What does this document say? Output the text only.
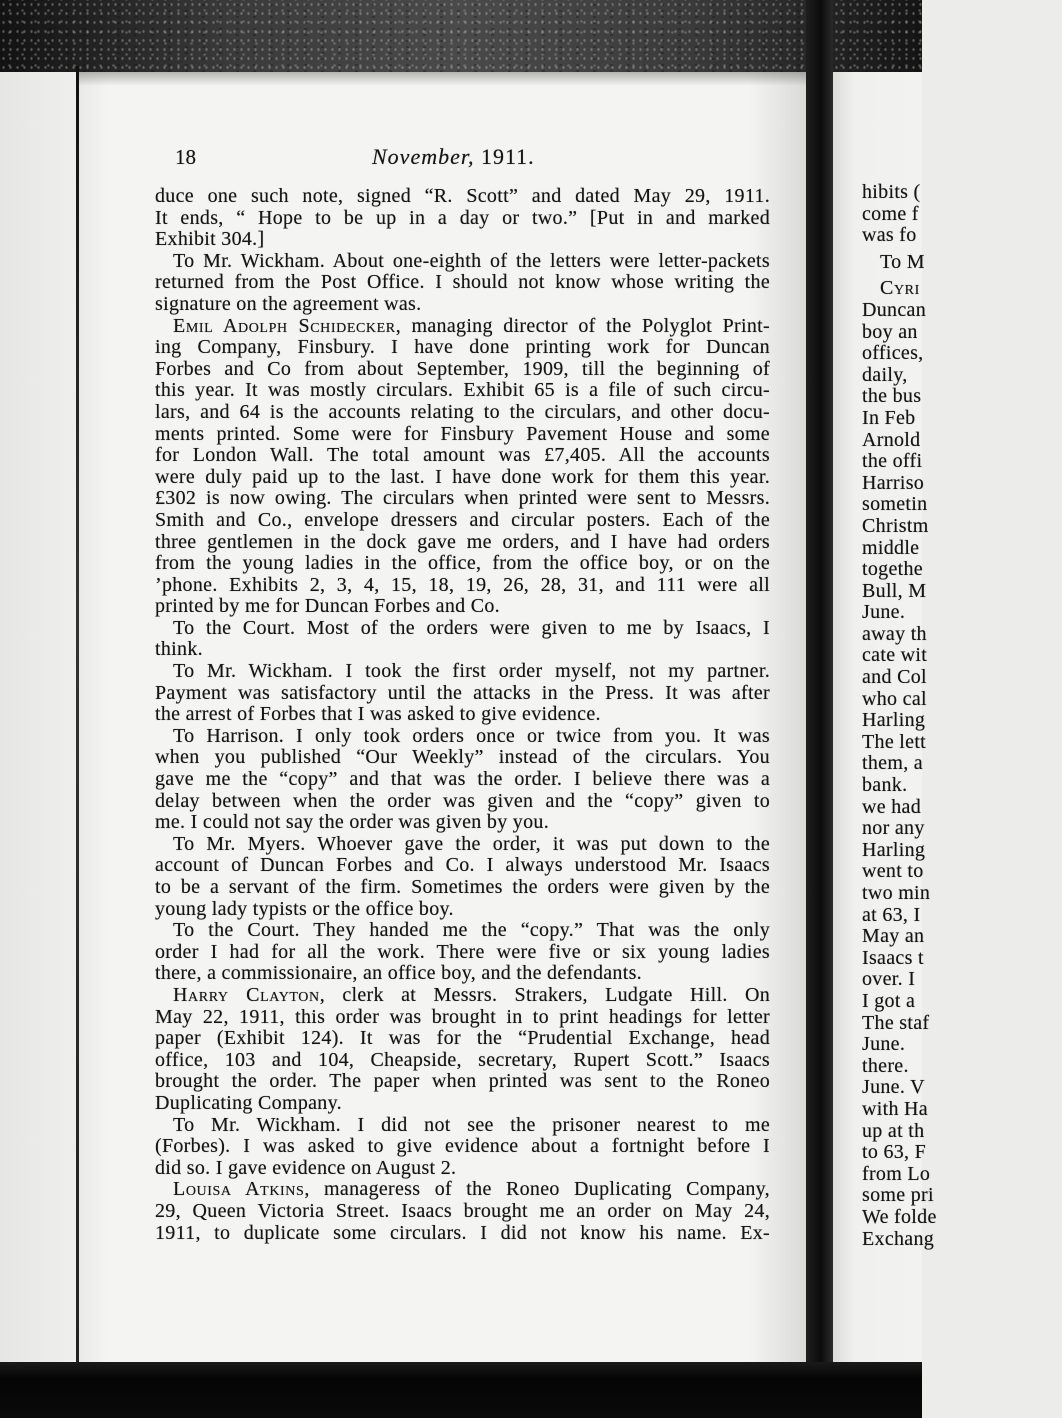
hibits (
come f
was fo
To M
Cyri
Duncan
boy an
offices,
daily,
the bus
In Feb
Arnold
the offi
Harriso
sometin
Christm
middle
togethe
Bull, M
June.
away th
cate wit
and Col
who cal
Harling
The lett
them, a
bank.
we had
nor any
Harling
went to
two min
at 63, I
May an
Isaacs t
over. I
I got a
The staf
June.
there.
June. V
with Ha
up at th
to 63, F
from Lo
some pri
We folde
Exchang
18	November, 1911.
duce one such note, signed “R. Scott” and dated May 29, 1911.
It ends, “ Hope to be up in a day or two.” [Put in and marked
Exhibit 304.]
To Mr. Wickham. About one-eighth of the letters were letter-packets
returned from the Post Office. I should not know whose writing the
signature on the agreement was.
Emil Adolph Schidecker, managing director of the Polyglot Print-
ing Company, Finsbury. I have done printing work for Duncan
Forbes and Co from about September, 1909, till the beginning of
this year. It was mostly circulars. Exhibit 65 is a file of such circu-
lars, and 64 is the accounts relating to the circulars, and other docu-
ments printed. Some were for Finsbury Pavement House and some
for London Wall. The total amount was £7,405. All the accounts
were duly paid up to the last. I have done work for them this year.
£302 is now owing. The circulars when printed were sent to Messrs.
Smith and Co., envelope dressers and circular posters. Each of the
three gentlemen in the dock gave me orders, and I have had orders
from the young ladies in the office, from the office boy, or on the
’phone. Exhibits 2, 3, 4, 15, 18, 19, 26, 28, 31, and 111 were all
printed by me for Duncan Forbes and Co.
To the Court. Most of the orders were given to me by Isaacs, I
think.
To Mr. Wickham. I took the first order myself, not my partner.
Payment was satisfactory until the attacks in the Press. It was after
the arrest of Forbes that I was asked to give evidence.
To Harrison. I only took orders once or twice from you. It was
when you published “Our Weekly” instead of the circulars. You
gave me the “copy” and that was the order. I believe there was a
delay between when the order was given and the “copy” given to
me. I could not say the order was given by you.
To Mr. Myers. Whoever gave the order, it was put down to the
account of Duncan Forbes and Co. I always understood Mr. Isaacs
to be a servant of the firm. Sometimes the orders were given by the
young lady typists or the office boy.
To the Court. They handed me the “copy.” That was the only
order I had for all the work. There were five or six young ladies
there, a commissionaire, an office boy, and the defendants.
Harry Clayton, clerk at Messrs. Strakers, Ludgate Hill. On
May 22, 1911, this order was brought in to print headings for letter
paper (Exhibit 124). It was for the “Prudential Exchange, head
office, 103 and 104, Cheapside, secretary, Rupert Scott.” Isaacs
brought the order. The paper when printed was sent to the Roneo
Duplicating Company.
To Mr. Wickham. I did not see the prisoner nearest to me
(Forbes). I was asked to give evidence about a fortnight before I
did so. I gave evidence on August 2.
Louisa Atkins, manageress of the Roneo Duplicating Company,
29, Queen Victoria Street. Isaacs brought me an order on May 24,
1911, to duplicate some circulars. I did not know his name. Ex-
